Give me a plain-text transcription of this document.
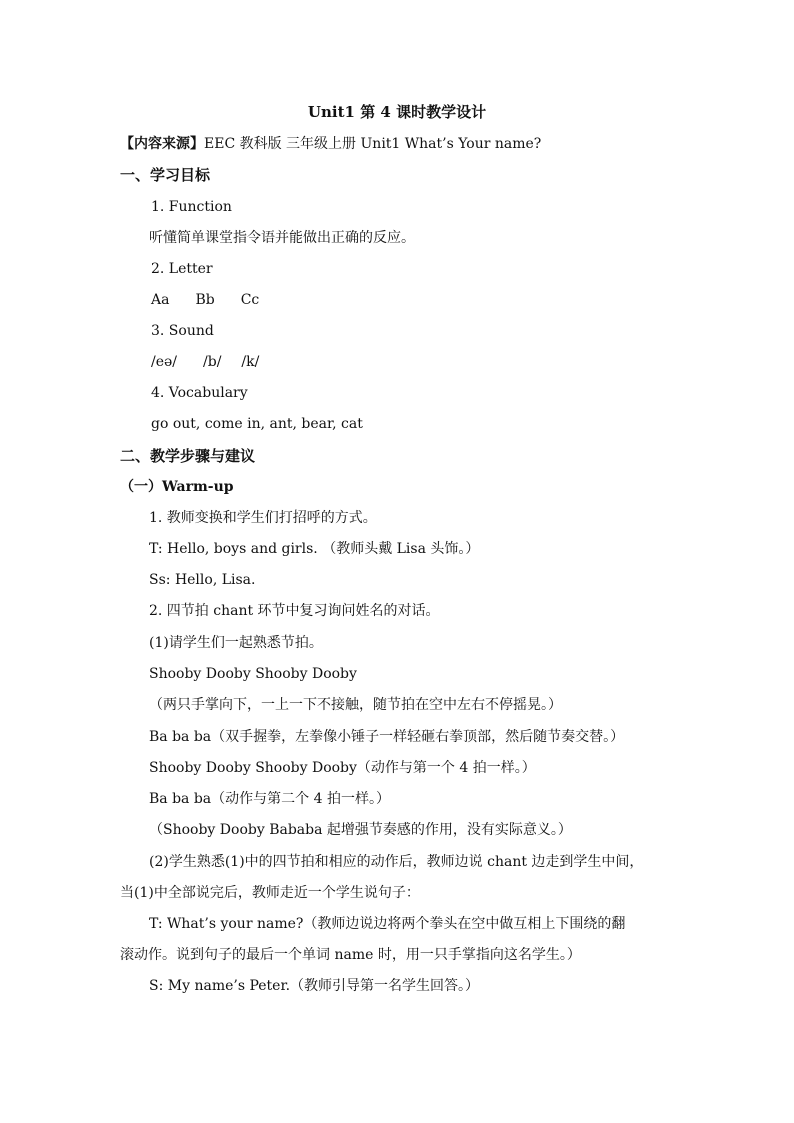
Unit1 第 4 课时教学设计
【内容来源】EEC 教科版 三年级上册 Unit1 What’s Your name?
一、学习目标
1. Function
听懂简单课堂指令语并能做出正确的反应。
2. Letter
Aa Bb Cc
3. Sound
/eə/ /b/ /k/
4. Vocabulary
go out, come in, ant, bear, cat
二、教学步骤与建议
（一）Warm-up
1. 教师变换和学生们打招呼的方式。
T: Hello, boys and girls. （教师头戴 Lisa 头饰。）
Ss: Hello, Lisa.
2. 四节拍 chant 环节中复习询问姓名的对话。
(1)请学生们一起熟悉节拍。
Shooby Dooby Shooby Dooby
（两只手掌向下，一上一下不接触，随节拍在空中左右不停摇晃。）
Ba ba ba（双手握拳，左拳像小锤子一样轻砸右拳顶部，然后随节奏交替。）
Shooby Dooby Shooby Dooby（动作与第一个 4 拍一样。）
Ba ba ba（动作与第二个 4 拍一样。）
（Shooby Dooby Bababa 起增强节奏感的作用，没有实际意义。）
(2)学生熟悉(1)中的四节拍和相应的动作后，教师边说 chant 边走到学生中间，
当(1)中全部说完后，教师走近一个学生说句子：
T: What’s your name?（教师边说边将两个拳头在空中做互相上下围绕的翻
滚动作。说到句子的最后一个单词 name 时，用一只手掌指向这名学生。）
S: My name’s Peter.（教师引导第一名学生回答。）
